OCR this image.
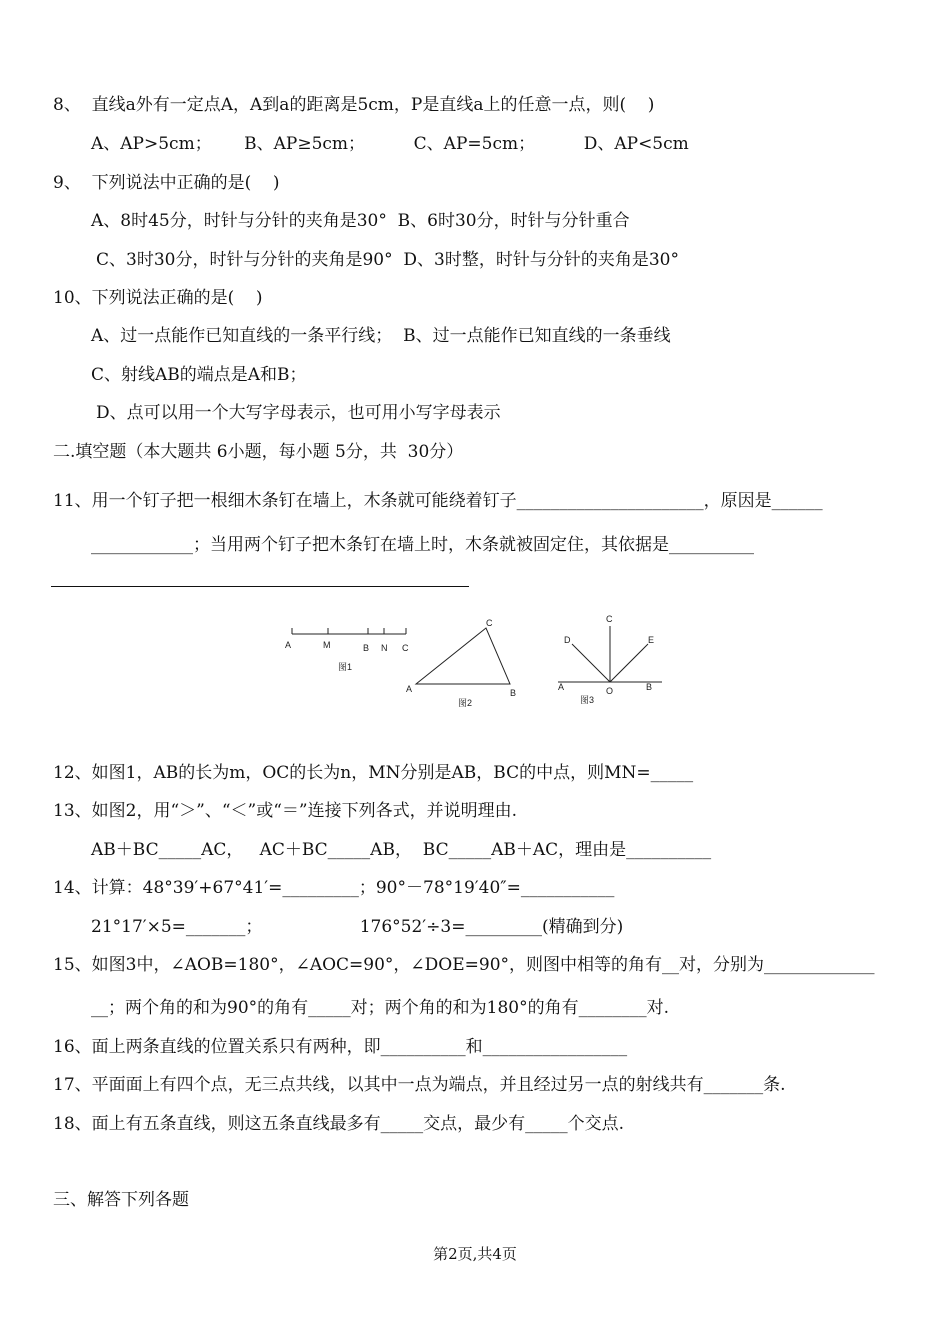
8、  直线a外有一定点A，A到a的距离是5cm，P是直线a上的任意一点，则(    )
A、AP>5cm；      B、AP≥5cm；         C、AP=5cm；         D、AP<5cm
9、  下列说法中正确的是(    )
A、8时45分，时针与分针的夹角是30°  B、6时30分，时针与分针重合
C、3时30分，时针与分针的夹角是90°  D、3时整，时针与分针的夹角是30°
10、下列说法正确的是(    )
A、过一点能作已知直线的一条平行线；  B、过一点能作已知直线的一条垂线
C、射线AB的端点是A和B；
D、点可以用一个大写字母表示，也可用小写字母表示
二.填空题（本大题共 6小题，每小题 5分，共  30分）
11、用一个钉子把一根细木条钉在墙上，木条就可能绕着钉子______________________，原因是______
____________；当用两个钉子把木条钉在墙上时，木条就被固定住，其依据是__________
A	M	B N C
图1
A	B
C
图2
A	O	B
C
D	E
图3
12、如图1，AB的长为m，OC的长为n，MN分别是AB，BC的中点，则MN=_____
13、如图2，用“＞”、“＜”或“＝”连接下列各式，并说明理由.
AB＋BC_____AC，   AC＋BC_____AB，  BC_____AB＋AC，理由是__________
14、计算：48°39′+67°41′=_________；90°－78°19′40″=___________
21°17′×5=_______；                  176°52′÷3=_________(精确到分)
15、如图3中，∠AOB=180°，∠AOC=90°，∠DOE=90°，则图中相等的角有__对，分别为_____________
__；两个角的和为90°的角有_____对；两个角的和为180°的角有________对.
16、面上两条直线的位置关系只有两种，即__________和_________________
17、平面面上有四个点，无三点共线，以其中一点为端点，并且经过另一点的射线共有_______条.
18、面上有五条直线，则这五条直线最多有_____交点，最少有_____个交点.
三、解答下列各题
第2页,共4页
